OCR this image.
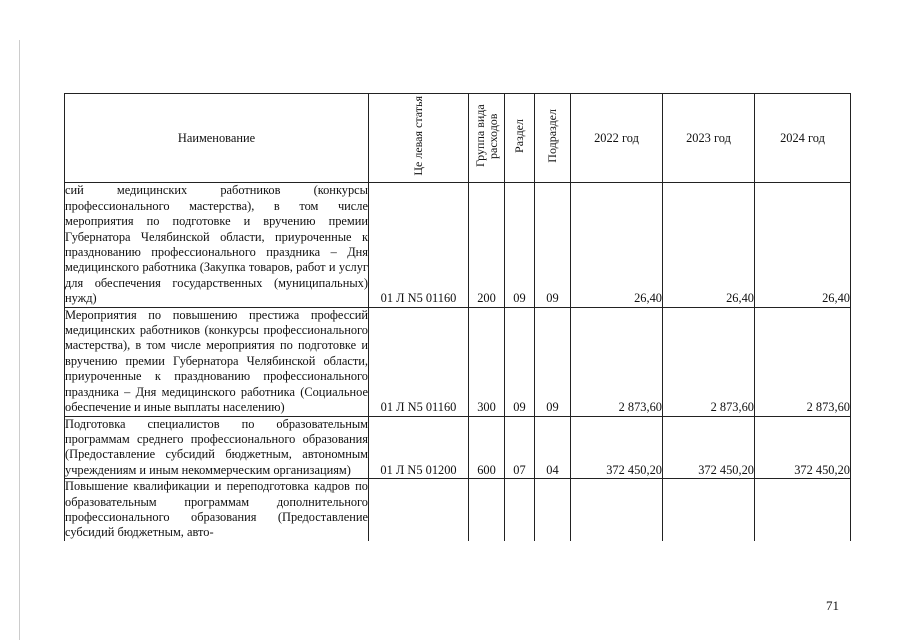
Наименование	Це левая статья	Группа вида расходов	Раздел	Подраздел	2022 год	2023 год	2024 год
сий медицинских работников (конкурсы профессионального мастерства), в том числе мероприятия по подготовке и вручению премии Губернатора Челябинской области, приуроченные к празднованию профессионального праздника – Дня медицинского работника (Закупка товаров, работ и услуг для обеспечения государственных (муниципальных) нужд)	01 Л N5 01160	200	09	09	26,40	26,40	26,40
Мероприятия по повышению престижа профессий медицинских работников (конкурсы профессионального мастерства), в том числе мероприятия по подготовке и вручению премии Губернатора Челябинской области, приуроченные к празднованию профессионального праздника – Дня медицинского работника (Социальное обеспечение и иные выплаты населению)	01 Л N5 01160	300	09	09	2 873,60	2 873,60	2 873,60
Подготовка специалистов по образовательным программам среднего профессионального образования (Предоставление субсидий бюджетным, автономным учреждениям и иным некоммерческим организациям)	01 Л N5 01200	600	07	04	372 450,20	372 450,20	372 450,20
Повышение квалификации и переподготовка кадров по образовательным программам дополнительного профессионального образования (Предоставление субсидий бюджетным, авто-							
71
